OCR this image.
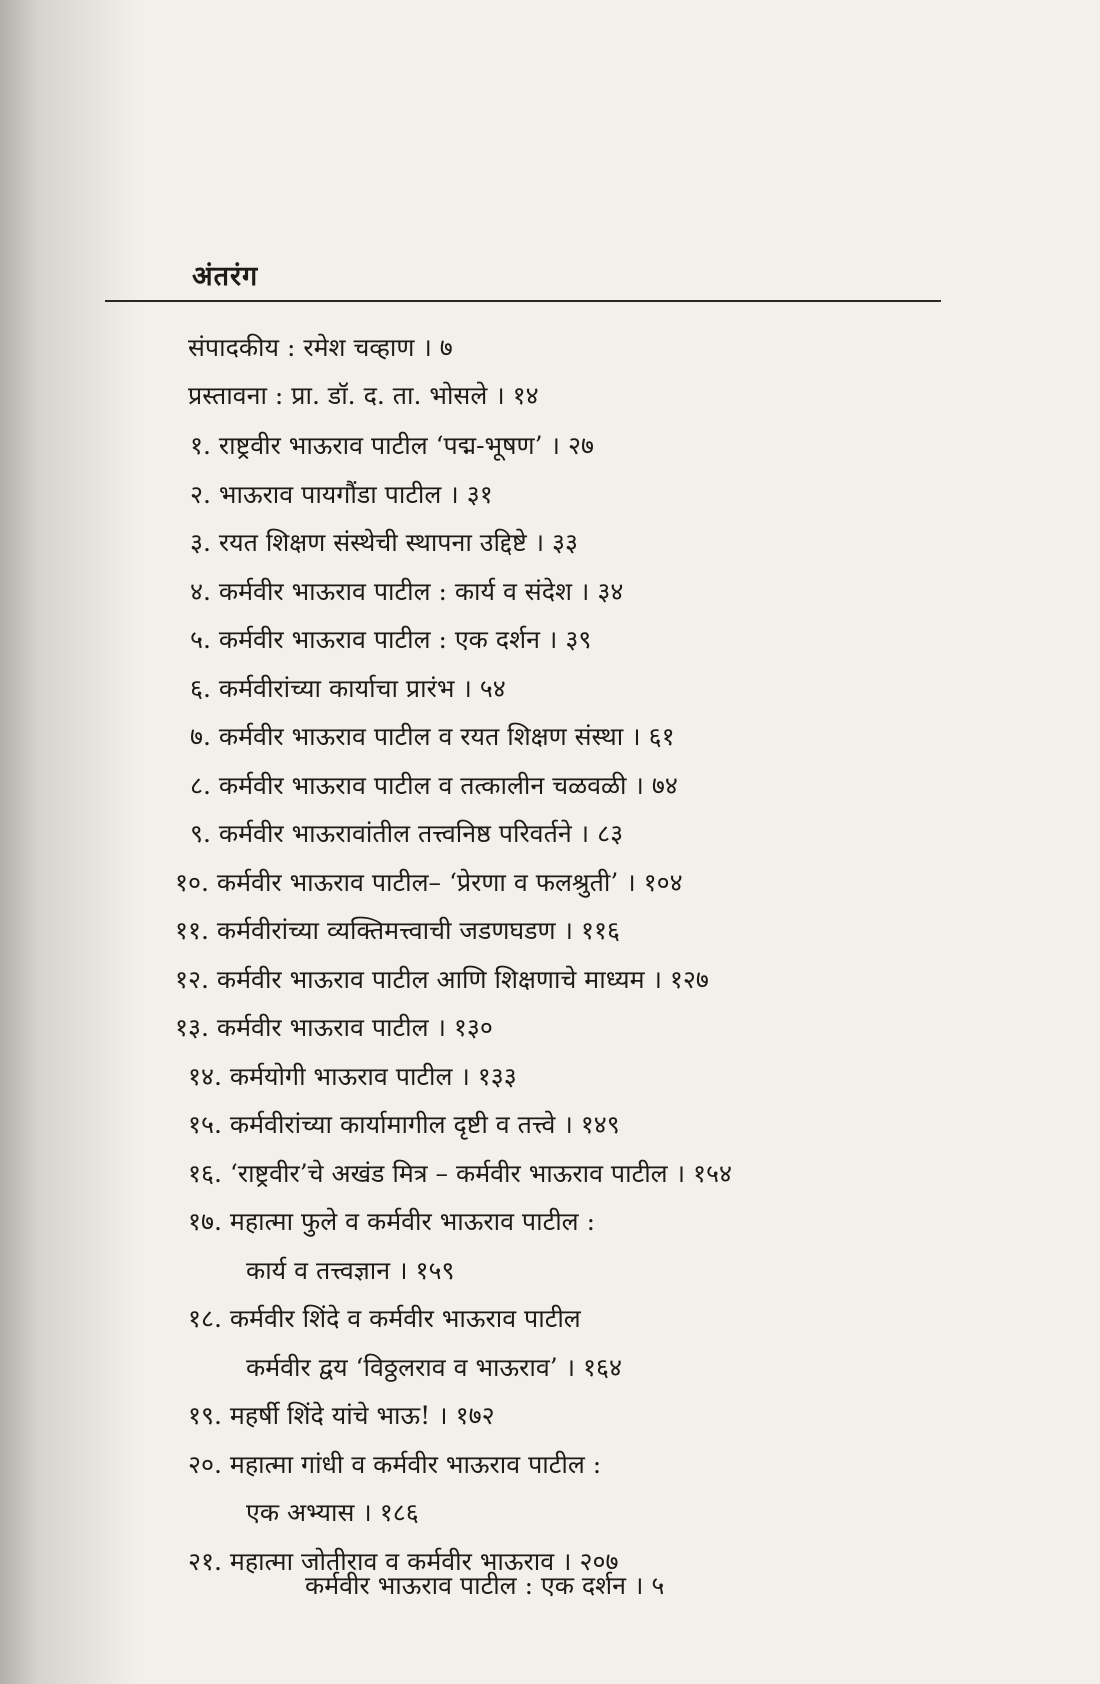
अंतरंग
संपादकीय : रमेश चव्हाण । ७
प्रस्तावना : प्रा. डॉ. द. ता. भोसले । १४
१. राष्ट्रवीर भाऊराव पाटील ‘पद्म-भूषण’ । २७
२. भाऊराव पायगौंडा पाटील । ३१
३. रयत शिक्षण संस्थेची स्थापना उद्दिष्टे । ३३
४. कर्मवीर भाऊराव पाटील : कार्य व संदेश । ३४
५. कर्मवीर भाऊराव पाटील : एक दर्शन । ३९
६. कर्मवीरांच्या कार्याचा प्रारंभ । ५४
७. कर्मवीर भाऊराव पाटील व रयत शिक्षण संस्था । ६१
८. कर्मवीर भाऊराव पाटील व तत्कालीन चळवळी । ७४
९. कर्मवीर भाऊरावांतील तत्त्वनिष्ठ परिवर्तने । ८३
१०. कर्मवीर भाऊराव पाटील– ‘प्रेरणा व फलश्रुती’ । १०४
११. कर्मवीरांच्या व्यक्तिमत्त्वाची जडणघडण । ११६
१२. कर्मवीर भाऊराव पाटील आणि शिक्षणाचे माध्यम । १२७
१३. कर्मवीर भाऊराव पाटील । १३०
१४. कर्मयोगी भाऊराव पाटील । १३३
१५. कर्मवीरांच्या कार्यामागील दृष्टी व तत्त्वे । १४९
१६. ‘राष्ट्रवीर’चे अखंड मित्र – कर्मवीर भाऊराव पाटील । १५४
१७. महात्मा फुले व कर्मवीर भाऊराव पाटील :
कार्य व तत्त्वज्ञान । १५९
१८. कर्मवीर शिंदे व कर्मवीर भाऊराव पाटील
कर्मवीर द्वय ‘विठ्ठलराव व भाऊराव’ । १६४
१९. महर्षी शिंदे यांचे भाऊ! । १७२
२०. महात्मा गांधी व कर्मवीर भाऊराव पाटील :
एक अभ्यास । १८६
२१. महात्मा जोतीराव व कर्मवीर भाऊराव । २०७
कर्मवीर भाऊराव पाटील : एक दर्शन । ५
